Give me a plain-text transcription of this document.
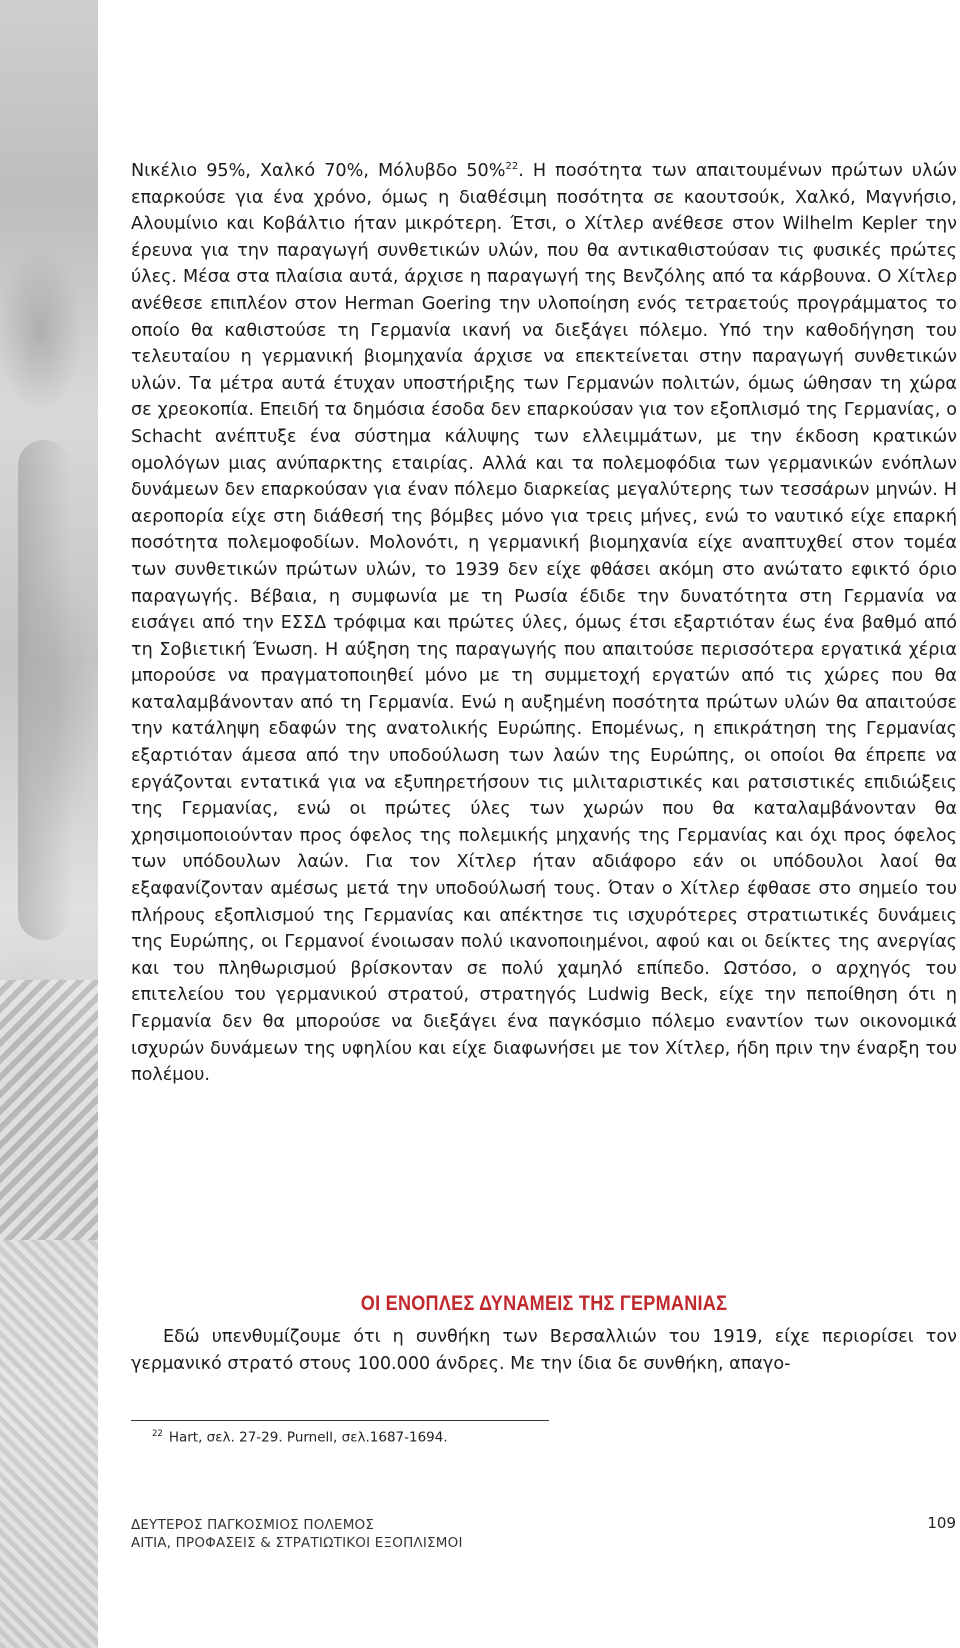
Νικέλιο 95%, Χαλκό 70%, Μόλυβδο 50%$^{22}$. Η ποσότητα των απαιτουμένων πρώτων υλών επαρκούσε για ένα χρόνο, όμως η διαθέσιμη ποσότητα σε καουτσούκ, Χαλκό, Μαγνήσιο, Αλουμίνιο και Κοβάλτιο ήταν μικρότερη. Έτσι, ο Χίτλερ ανέθεσε στον Wilhelm Kepler την έρευνα για την παραγωγή συνθετικών υλών, που θα αντικαθιστούσαν τις φυσικές πρώτες ύλες. Μέσα στα πλαίσια αυτά, άρχισε η παραγωγή της Βενζόλης από τα κάρβουνα. Ο Χίτλερ ανέθεσε επιπλέον στον Herman Goering την υλοποίηση ενός τετραετούς προγράμματος το οποίο θα καθιστούσε τη Γερμανία ικανή να διεξάγει πόλεμο. Υπό την καθοδήγηση του τελευταίου η γερμανική βιομηχανία άρχισε να επεκτείνεται στην παραγωγή συνθετικών υλών. Τα μέτρα αυτά έτυχαν υποστήριξης των Γερμανών πολιτών, όμως ώθησαν τη χώρα σε χρεοκοπία. Επειδή τα δημόσια έσοδα δεν επαρκούσαν για τον εξοπλισμό της Γερμανίας, ο Schacht ανέπτυξε ένα σύστημα κάλυψης των ελλειμμάτων, με την έκδοση κρατικών ομολόγων μιας ανύπαρκτης εταιρίας. Αλλά και τα πολεμοφόδια των γερμανικών ενόπλων δυνάμεων δεν επαρκούσαν για έναν πόλεμο διαρκείας μεγαλύτερης των τεσσάρων μηνών. Η αεροπορία είχε στη διάθεσή της βόμβες μόνο για τρεις μήνες, ενώ το ναυτικό είχε επαρκή ποσότητα πολεμοφοδίων. Μολονότι, η γερμανική βιομηχανία είχε αναπτυχθεί στον τομέα των συνθετικών πρώτων υλών, το 1939 δεν είχε φθάσει ακόμη στο ανώτατο εφικτό όριο παραγωγής. Βέβαια, η συμφωνία με τη Ρωσία έδιδε την δυνατότητα στη Γερμανία να εισάγει από την ΕΣΣΔ τρόφιμα και πρώτες ύλες, όμως έτσι εξαρτιόταν έως ένα βαθμό από τη Σοβιετική Ένωση. Η αύξηση της παραγωγής που απαιτούσε περισσότερα εργατικά χέρια μπορούσε να πραγματοποιηθεί μόνο με τη συμμετοχή εργατών από τις χώρες που θα καταλαμβάνονταν από τη Γερμανία. Ενώ η αυξημένη ποσότητα πρώτων υλών θα απαιτούσε την κατάληψη εδαφών της ανατολικής Ευρώπης. Επομένως, η επικράτηση της Γερμανίας εξαρτιόταν άμεσα από την υποδούλωση των λαών της Ευρώπης, οι οποίοι θα έπρεπε να εργάζονται εντατικά για να εξυπηρετήσουν τις μιλιταριστικές και ρατσιστικές επιδιώξεις της Γερμανίας, ενώ οι πρώτες ύλες των χωρών που θα καταλαμβάνονταν θα χρησιμοποιούνταν προς όφελος της πολεμικής μηχανής της Γερμανίας και όχι προς όφελος των υπόδουλων λαών. Για τον Χίτλερ ήταν αδιάφορο εάν οι υπόδουλοι λαοί θα εξαφανίζονταν αμέσως μετά την υποδούλωσή τους. Όταν ο Χίτλερ έφθασε στο σημείο του πλήρους εξοπλισμού της Γερμανίας και απέκτησε τις ισχυρότερες στρατιωτικές δυνάμεις της Ευρώπης, οι Γερμανοί ένοιωσαν πολύ ικανοποιημένοι, αφού και οι δείκτες της ανεργίας και του πληθωρισμού βρίσκονταν σε πολύ χαμηλό επίπεδο. Ωστόσο, ο αρχηγός του επιτελείου του γερμανικού στρατού, στρατηγός Ludwig Beck, είχε την πεποίθηση ότι η Γερμανία δεν θα μπορούσε να διεξάγει ένα παγκόσμιο πόλεμο εναντίον των οικονομικά ισχυρών δυνάμεων της υφηλίου και είχε διαφωνήσει με τον Χίτλερ, ήδη πριν την έναρξη του πολέμου.

ΟΙ ΕΝΟΠΛΕΣ ΔΥΝΑΜΕΙΣ ΤΗΣ ΓΕΡΜΑΝΙΑΣ

Εδώ υπενθυμίζουμε ότι η συνθήκη των Βερσαλλιών του 1919, είχε περιορίσει τον γερμανικό στρατό στους 100.000 άνδρες. Με την ίδια δε συνθήκη, απαγο-

$^{22}$ Hart, σελ. 27-29. Purnell, σελ.1687-1694.
ΔΕΥΤΕΡΟΣ ΠΑΓΚΟΣΜΙΟΣ ΠΟΛΕΜΟΣ
ΑΙΤΙΑ, ΠΡΟΦΑΣΕΙΣ & ΣΤΡΑΤΙΩΤΙΚΟΙ ΕΞΟΠΛΙΣΜΟΙ
109
